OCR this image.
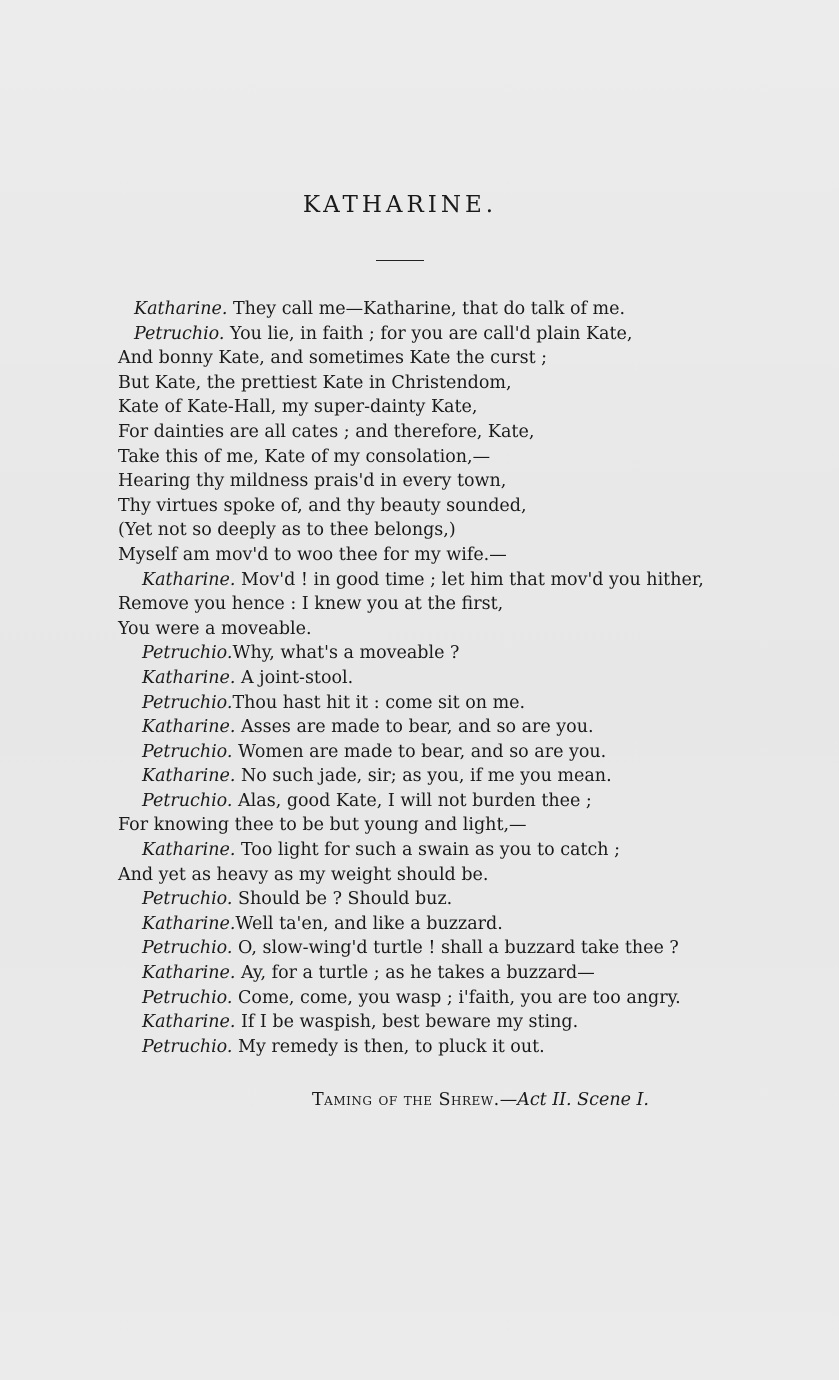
KATHARINE.
Katharine. They call me—Katharine, that do talk of me.
Petruchio. You lie, in faith ; for you are call'd plain Kate,
And bonny Kate, and sometimes Kate the curst ;
But Kate, the prettiest Kate in Christendom,
Kate of Kate-Hall, my super-dainty Kate,
For dainties are all cates ; and therefore, Kate,
Take this of me, Kate of my consolation,—
Hearing thy mildness prais'd in every town,
Thy virtues spoke of, and thy beauty sounded,
(Yet not so deeply as to thee belongs,)
Myself am mov'd to woo thee for my wife.—
Katharine. Mov'd ! in good time ; let him that mov'd you hither,
Remove you hence : I knew you at the first,
You were a moveable.
Petruchio.Why, what's a moveable ?
Katharine. A joint-stool.
Petruchio.Thou hast hit it : come sit on me.
Katharine. Asses are made to bear, and so are you.
Petruchio. Women are made to bear, and so are you.
Katharine. No such jade, sir; as you, if me you mean.
Petruchio. Alas, good Kate, I will not burden thee ;
For knowing thee to be but young and light,—
Katharine. Too light for such a swain as you to catch ;
And yet as heavy as my weight should be.
Petruchio. Should be ? Should buz.
Katharine.Well ta'en, and like a buzzard.
Petruchio. O, slow-wing'd turtle ! shall a buzzard take thee ?
Katharine. Ay, for a turtle ; as he takes a buzzard—
Petruchio. Come, come, you wasp ; i'faith, you are too angry.
Katharine. If I be waspish, best beware my sting.
Petruchio. My remedy is then, to pluck it out.
Taming of the Shrew.—Act II. Scene I.
